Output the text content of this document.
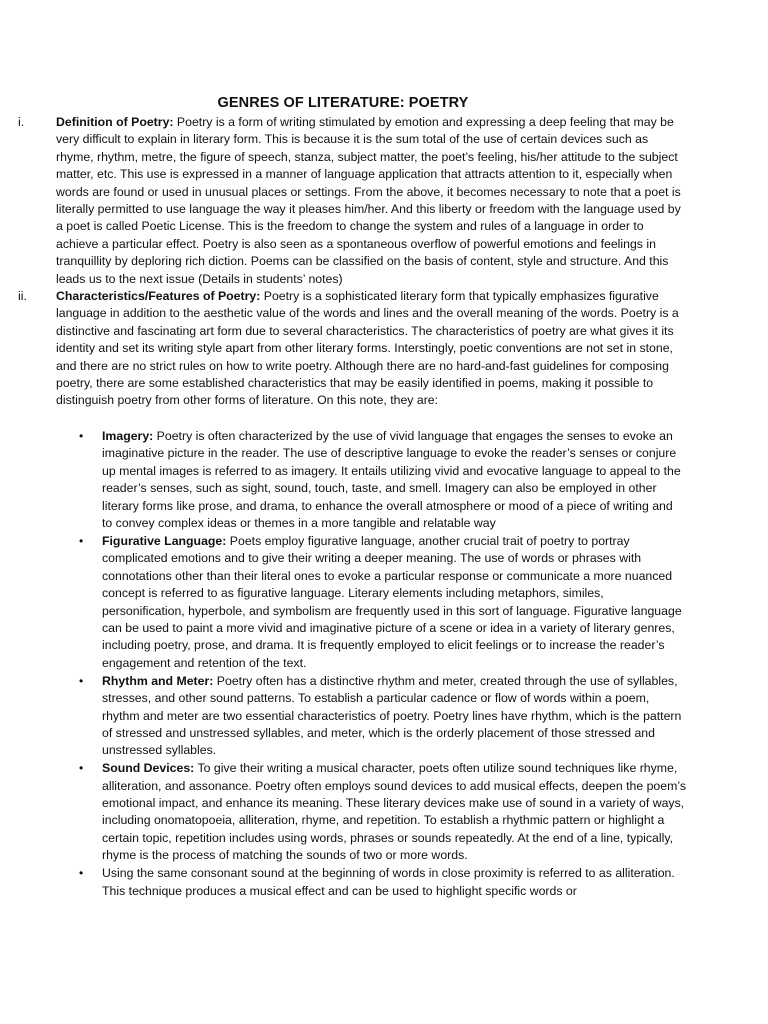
GENRES OF LITERATURE: POETRY
i.	Definition of Poetry: Poetry is a form of writing stimulated by emotion and expressing a deep feeling that may be very difficult to explain in literary form. This is because it is the sum total of the use of certain devices such as rhyme, rhythm, metre, the figure of speech, stanza, subject matter, the poet’s feeling, his/her attitude to the subject matter, etc. This use is expressed in a manner of language application that attracts attention to it, especially when words are found or used in unusual places or settings. From the above, it becomes necessary to note that a poet is literally permitted to use language the way it pleases him/her. And this liberty or freedom with the language used by a poet is called Poetic License. This is the freedom to change the system and rules of a language in order to achieve a particular effect. Poetry is also seen as a spontaneous overflow of powerful emotions and feelings in tranquillity by deploring rich diction. Poems can be classified on the basis of content, style and structure. And this leads us to the next issue (Details in students’ notes)

ii.	Characteristics/Features of Poetry: Poetry is a sophisticated literary form that typically emphasizes figurative language in addition to the aesthetic value of the words and lines and the overall meaning of the words. Poetry is a distinctive and fascinating art form due to several characteristics. The characteristics of poetry are what gives it its identity and set its writing style apart from other literary forms. Interstingly, poetic conventions are not set in stone, and there are no strict rules on how to write poetry. Although there are no hard-and-fast guidelines for composing poetry, there are some established characteristics that may be easily identified in poems, making it possible to distinguish poetry from other forms of literature. On this note, they are:

• Imagery: Poetry is often characterized by the use of vivid language that engages the senses to evoke an imaginative picture in the reader. The use of descriptive language to evoke the reader’s senses or conjure up mental images is referred to as imagery. It entails utilizing vivid and evocative language to appeal to the reader’s senses, such as sight, sound, touch, taste, and smell. Imagery can also be employed in other literary forms like prose, and drama, to enhance the overall atmosphere or mood of a piece of writing and to convey complex ideas or themes in a more tangible and relatable way

• Figurative Language: Poets employ figurative language, another crucial trait of poetry to portray complicated emotions and to give their writing a deeper meaning. The use of words or phrases with connotations other than their literal ones to evoke a particular response or communicate a more nuanced concept is referred to as figurative language. Literary elements including metaphors, similes, personification, hyperbole, and symbolism are frequently used in this sort of language. Figurative language can be used to paint a more vivid and imaginative picture of a scene or idea in a variety of literary genres, including poetry, prose, and drama. It is frequently employed to elicit feelings or to increase the reader’s engagement and retention of the text.

• Rhythm and Meter: Poetry often has a distinctive rhythm and meter, created through the use of syllables, stresses, and other sound patterns. To establish a particular cadence or flow of words within a poem, rhythm and meter are two essential characteristics of poetry. Poetry lines have rhythm, which is the pattern of stressed and unstressed syllables, and meter, which is the orderly placement of those stressed and unstressed syllables.

• Sound Devices: To give their writing a musical character, poets often utilize sound techniques like rhyme, alliteration, and assonance. Poetry often employs sound devices to add musical effects, deepen the poem’s emotional impact, and enhance its meaning. These literary devices make use of sound in a variety of ways, including onomatopoeia, alliteration, rhyme, and repetition. To establish a rhythmic pattern or highlight a certain topic, repetition includes using words, phrases or sounds repeatedly. At the end of a line, typically, rhyme is the process of matching the sounds of two or more words.

• Using the same consonant sound at the beginning of words in close proximity is referred to as alliteration. This technique produces a musical effect and can be used to highlight specific words or
